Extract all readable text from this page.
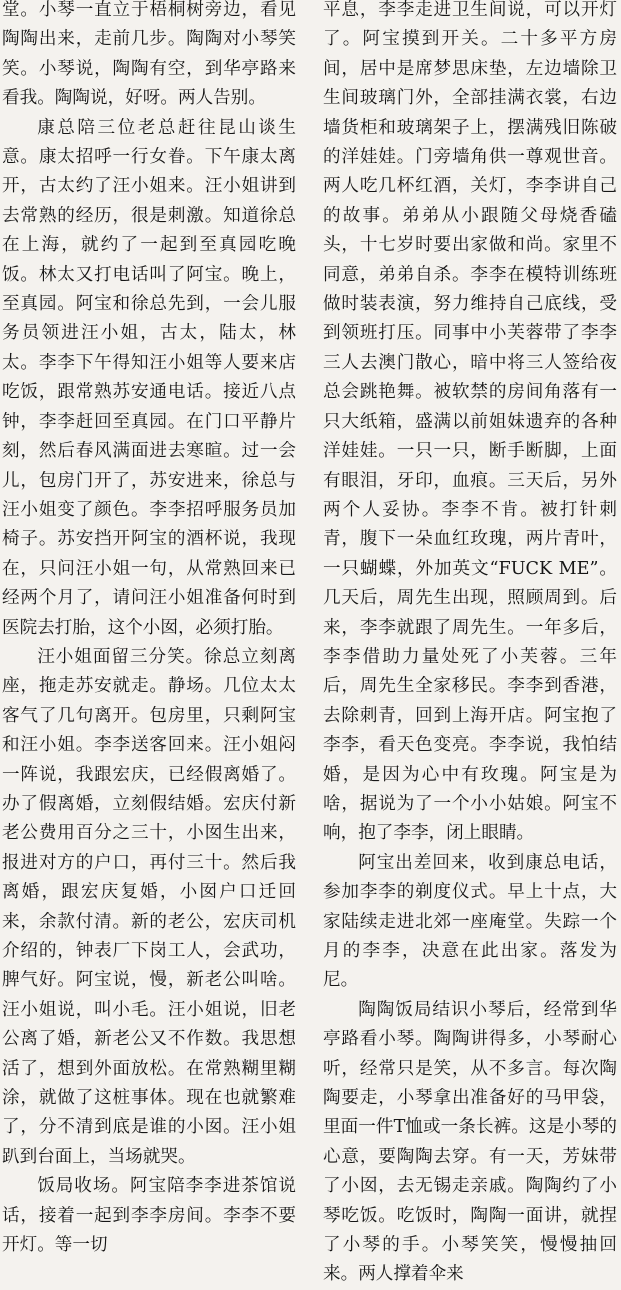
堂。小琴一直立于梧桐树旁边，看见陶陶出来，走前几步。陶陶对小琴笑笑。小琴说，陶陶有空，到华亭路来看我。陶陶说，好呀。两人告别。

康总陪三位老总赶往昆山谈生意。康太招呼一行女眷。下午康太离开，古太约了汪小姐来。汪小姐讲到去常熟的经历，很是刺激。知道徐总在上海，就约了一起到至真园吃晚饭。林太又打电话叫了阿宝。晚上，至真园。阿宝和徐总先到，一会儿服务员领进汪小姐，古太，陆太，林太。李李下午得知汪小姐等人要来店吃饭，跟常熟苏安通电话。接近八点钟，李李赶回至真园。在门口平静片刻，然后春风满面进去寒暄。过一会儿，包房门开了，苏安进来，徐总与汪小姐变了颜色。李李招呼服务员加椅子。苏安挡开阿宝的酒杯说，我现在，只问汪小姐一句，从常熟回来已经两个月了，请问汪小姐准备何时到医院去打胎，这个小囡，必须打胎。

汪小姐面留三分笑。徐总立刻离座，拖走苏安就走。静场。几位太太客气了几句离开。包房里，只剩阿宝和汪小姐。李李送客回来。汪小姐闷一阵说，我跟宏庆，已经假离婚了。办了假离婚，立刻假结婚。宏庆付新老公费用百分之三十，小囡生出来，报进对方的户口，再付三十。然后我离婚，跟宏庆复婚，小囡户口迁回来，余款付清。新的老公，宏庆司机介绍的，钟表厂下岗工人，会武功，脾气好。阿宝说，慢，新老公叫啥。汪小姐说，叫小毛。汪小姐说，旧老公离了婚，新老公又不作数。我思想活了，想到外面放松。在常熟糊里糊涂，就做了这桩事体。现在也就繁难了，分不清到底是谁的小囡。汪小姐趴到台面上，当场就哭。

饭局收场。阿宝陪李李进茶馆说话，接着一起到李李房间。李李不要开灯。等一切

平息，李李走进卫生间说，可以开灯了。阿宝摸到开关。二十多平方房间，居中是席梦思床垫，左边墙除卫生间玻璃门外，全部挂满衣裳，右边墙货柜和玻璃架子上，摆满残旧陈破的洋娃娃。门旁墙角供一尊观世音。两人吃几杯红酒，关灯，李李讲自己的故事。弟弟从小跟随父母烧香磕头，十七岁时要出家做和尚。家里不同意，弟弟自杀。李李在模特训练班做时装表演，努力维持自己底线，受到领班打压。同事中小芙蓉带了李李三人去澳门散心，暗中将三人签给夜总会跳艳舞。被软禁的房间角落有一只大纸箱，盛满以前姐妹遗弃的各种洋娃娃。一只一只，断手断脚，上面有眼泪，牙印，血痕。三天后，另外两个人妥协。李李不肯。被打针刺青，腹下一朵血红玫瑰，两片青叶，一只蝴蝶，外加英文“FUCK ME”。几天后，周先生出现，照顾周到。后来，李李就跟了周先生。一年多后，李李借助力量处死了小芙蓉。三年后，周先生全家移民。李李到香港，去除刺青，回到上海开店。阿宝抱了李李，看天色变亮。李李说，我怕结婚，是因为心中有玫瑰。阿宝是为啥，据说为了一个小小姑娘。阿宝不响，抱了李李，闭上眼睛。

阿宝出差回来，收到康总电话，参加李李的剃度仪式。早上十点，大家陆续走进北郊一座庵堂。失踪一个月的李李，决意在此出家。落发为尼。

陶陶饭局结识小琴后，经常到华亭路看小琴。陶陶讲得多，小琴耐心听，经常只是笑，从不多言。每次陶陶要走，小琴拿出准备好的马甲袋，里面一件T恤或一条长裤。这是小琴的心意，要陶陶去穿。有一天，芳妹带了小囡，去无锡走亲戚。陶陶约了小琴吃饭。吃饭时，陶陶一面讲，就捏了小琴的手。小琴笑笑，慢慢抽回来。两人撑着伞来
